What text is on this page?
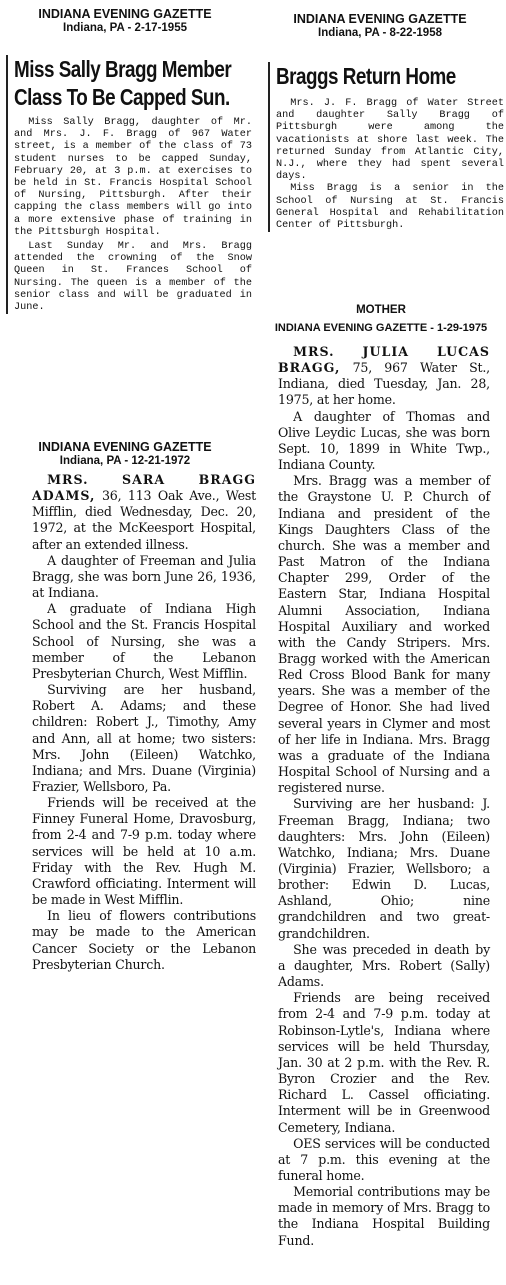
INDIANA EVENING GAZETTE
Indiana, PA - 2-17-1955
Miss Sally Bragg Member Class To Be Capped Sun.

Miss Sally Bragg, daughter of Mr. and Mrs. J. F. Bragg of 967 Water street, is a member of the class of 73 student nurses to be capped Sunday, February 20, at 3 p.m. at exercises to be held in St. Francis Hospital School of Nursing, Pittsburgh. After their capping the class members will go into a more extensive phase of training in the Pittsburgh Hospital.

Last Sunday Mr. and Mrs. Bragg attended the crowning of the Snow Queen in St. Frances School of Nursing. The queen is a member of the senior class and will be graduated in June.

INDIANA EVENING GAZETTE
Indiana, PA - 8-22-1958
Braggs Return Home

Mrs. J. F. Bragg of Water Street and daughter Sally Bragg of Pittsburgh were among the vacationists at shore last week. The returned Sunday from Atlantic City, N.J., where they had spent several days.

Miss Bragg is a senior in the School of Nursing at St. Francis General Hospital and Rehabilitation Center of Pittsburgh.

INDIANA EVENING GAZETTE
Indiana, PA - 12-21-1972

MRS. SARA BRAGG ADAMS, 36, 113 Oak Ave., West Mifflin, died Wednesday, Dec. 20, 1972, at the McKeesport Hospital, after an extended illness.

A daughter of Freeman and Julia Bragg, she was born June 26, 1936, at Indiana.

A graduate of Indiana High School and the St. Francis Hospital School of Nursing, she was a member of the Lebanon Presbyterian Church, West Mifflin.

Surviving are her husband, Robert A. Adams; and these children: Robert J., Timothy, Amy and Ann, all at home; two sisters: Mrs. John (Eileen) Watchko, Indiana; and Mrs. Duane (Virginia) Frazier, Wellsboro, Pa.

Friends will be received at the Finney Funeral Home, Dravosburg, from 2-4 and 7-9 p.m. today where services will be held at 10 a.m. Friday with the Rev. Hugh M. Crawford officiating. Interment will be made in West Mifflin.

In lieu of flowers contributions may be made to the American Cancer Society or the Lebanon Presbyterian Church.

MOTHER
INDIANA EVENING GAZETTE - 1-29-1975

MRS. JULIA LUCAS BRAGG, 75, 967 Water St., Indiana, died Tuesday, Jan. 28, 1975, at her home.

A daughter of Thomas and Olive Leydic Lucas, she was born Sept. 10, 1899 in White Twp., Indiana County.

Mrs. Bragg was a member of the Graystone U. P. Church of Indiana and president of the Kings Daughters Class of the church. She was a member and Past Matron of the Indiana Chapter 299, Order of the Eastern Star, Indiana Hospital Alumni Association, Indiana Hospital Auxiliary and worked with the Candy Stripers. Mrs. Bragg worked with the American Red Cross Blood Bank for many years. She was a member of the Degree of Honor. She had lived several years in Clymer and most of her life in Indiana. Mrs. Bragg was a graduate of the Indiana Hospital School of Nursing and a registered nurse.

Surviving are her husband: J. Freeman Bragg, Indiana; two daughters: Mrs. John (Eileen) Watchko, Indiana; Mrs. Duane (Virginia) Frazier, Wellsboro; a brother: Edwin D. Lucas, Ashland, Ohio; nine grandchildren and two great-grandchildren.

She was preceded in death by a daughter, Mrs. Robert (Sally) Adams.

Friends are being received from 2-4 and 7-9 p.m. today at Robinson-Lytle's, Indiana where services will be held Thursday, Jan. 30 at 2 p.m. with the Rev. R. Byron Crozier and the Rev. Richard L. Cassel officiating. Interment will be in Greenwood Cemetery, Indiana.

OES services will be conducted at 7 p.m. this evening at the funeral home.

Memorial contributions may be made in memory of Mrs. Bragg to the Indiana Hospital Building Fund.
